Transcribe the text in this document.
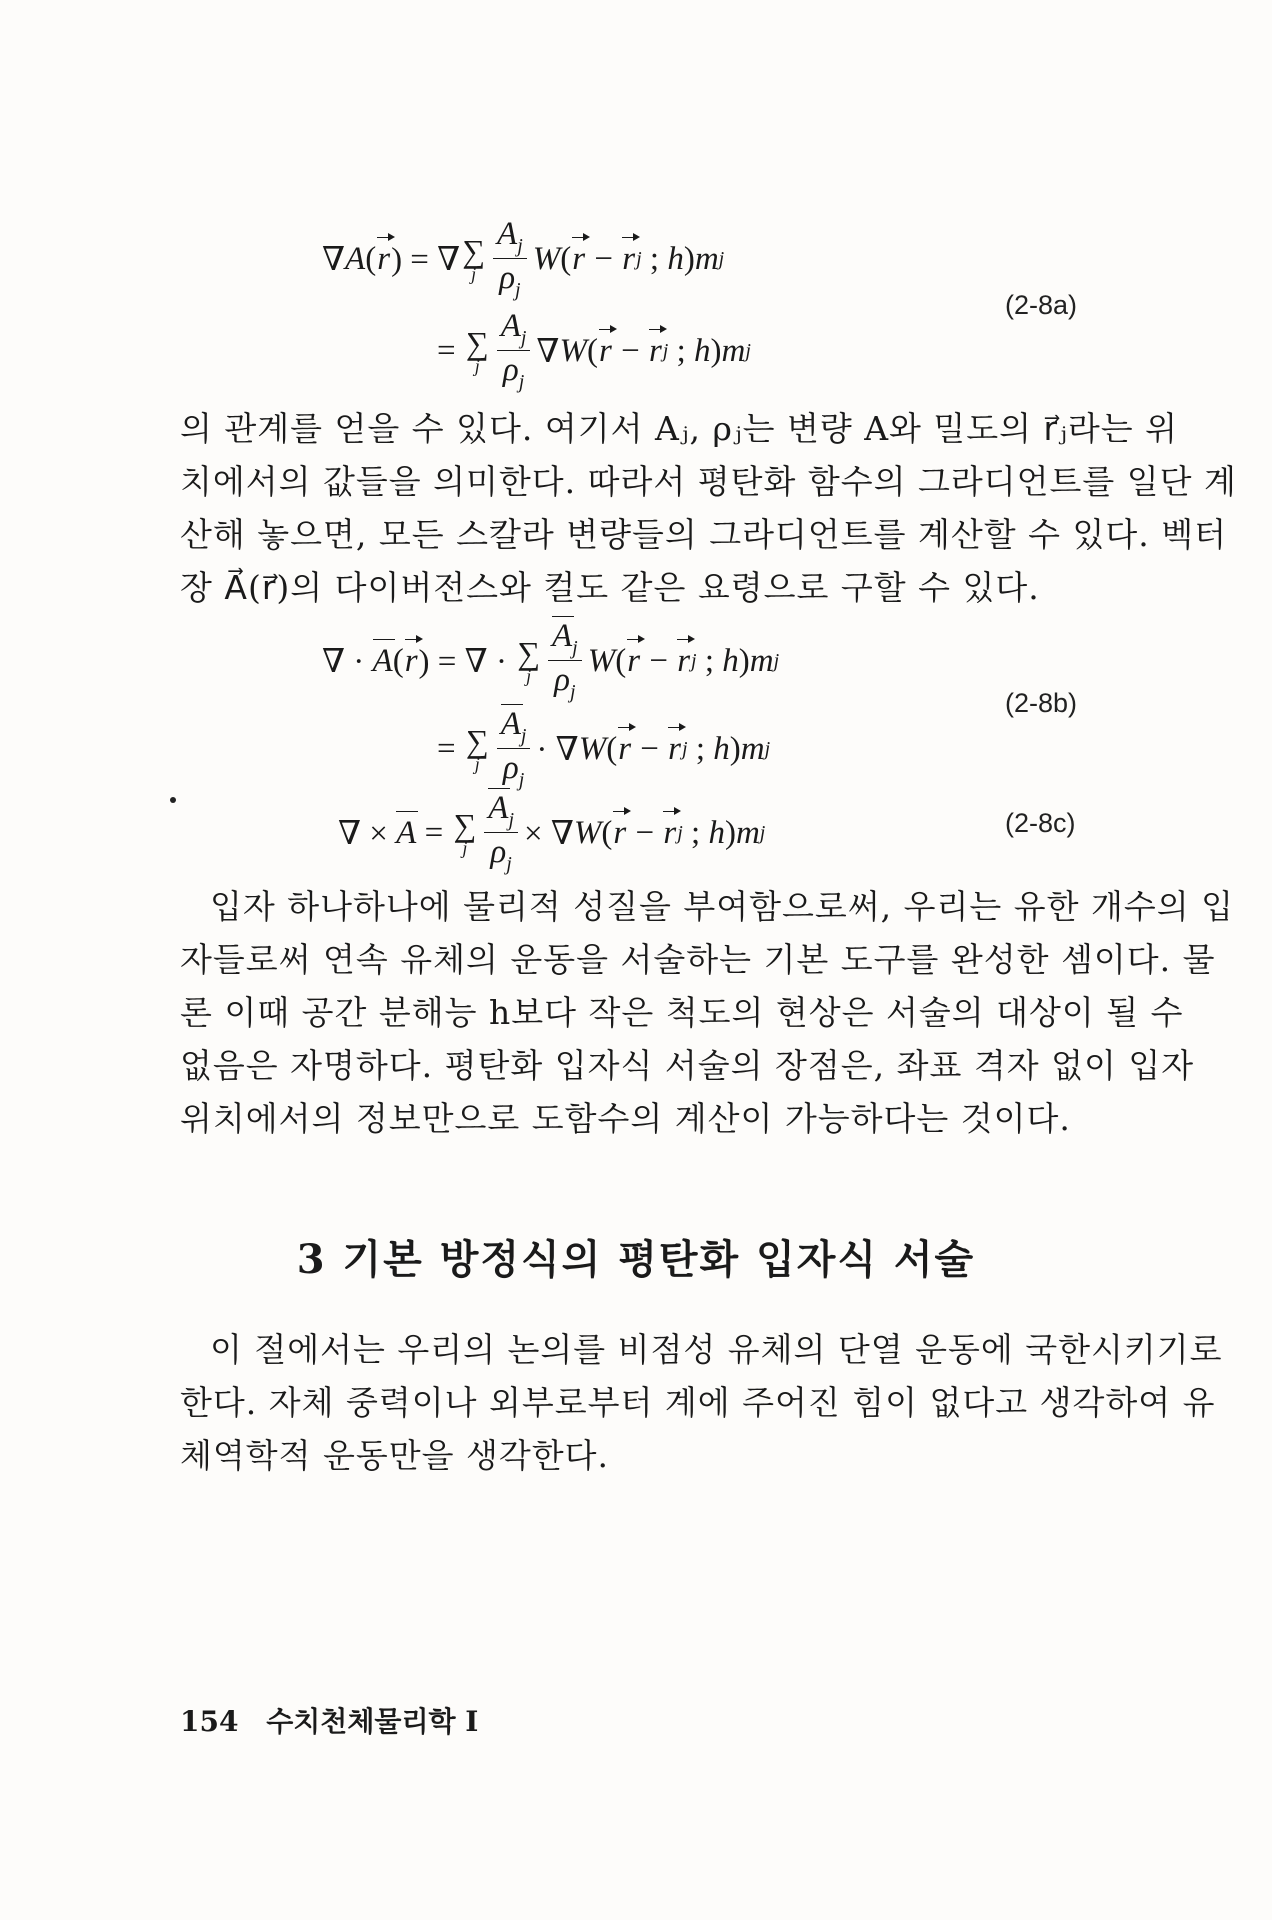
∇ A ( r ) = ∇ ∑
j $\frac{A_j}{\rho_j}$ W ( r − r j ; h ) m j
= ∑
j $\frac{A_j}{\rho_j}$ ∇ W ( r − r j ; h ) m j
(2-8a)
의 관계를 얻을 수 있다. 여기서 Aⱼ, ρⱼ는 변량 A와 밀도의 r⃗ⱼ라는 위
치에서의 값들을 의미한다. 따라서 평탄화 함수의 그라디언트를 일단 계
산해 놓으면, 모든 스칼라 변량들의 그라디언트를 계산할 수 있다. 벡터
장 A⃗(r⃗)의 다이버전스와 컬도 같은 요령으로 구할 수 있다.
∇ · A ( r ) = ∇ · ∑
j $\frac{A_j}{\rho_j}$ W ( r − r j ; h ) m j
= ∑
j $\frac{A_j}{\rho_j}$ · ∇ W ( r − r j ; h ) m j
(2-8b)
∇ × A = ∑
j $\frac{A_j}{\rho_j}$ × ∇ W ( r − r j ; h ) m j	(2-8c)
입자 하나하나에 물리적 성질을 부여함으로써, 우리는 유한 개수의 입
자들로써 연속 유체의 운동을 서술하는 기본 도구를 완성한 셈이다. 물
론 이때 공간 분해능 h보다 작은 척도의 현상은 서술의 대상이 될 수
없음은 자명하다. 평탄화 입자식 서술의 장점은, 좌표 격자 없이 입자
위치에서의 정보만으로 도함수의 계산이 가능하다는 것이다.
3 기본 방정식의 평탄화 입자식 서술
이 절에서는 우리의 논의를 비점성 유체의 단열 운동에 국한시키기로
한다. 자체 중력이나 외부로부터 계에 주어진 힘이 없다고 생각하여 유
체역학적 운동만을 생각한다.
154 수치천체물리학 Ⅰ
